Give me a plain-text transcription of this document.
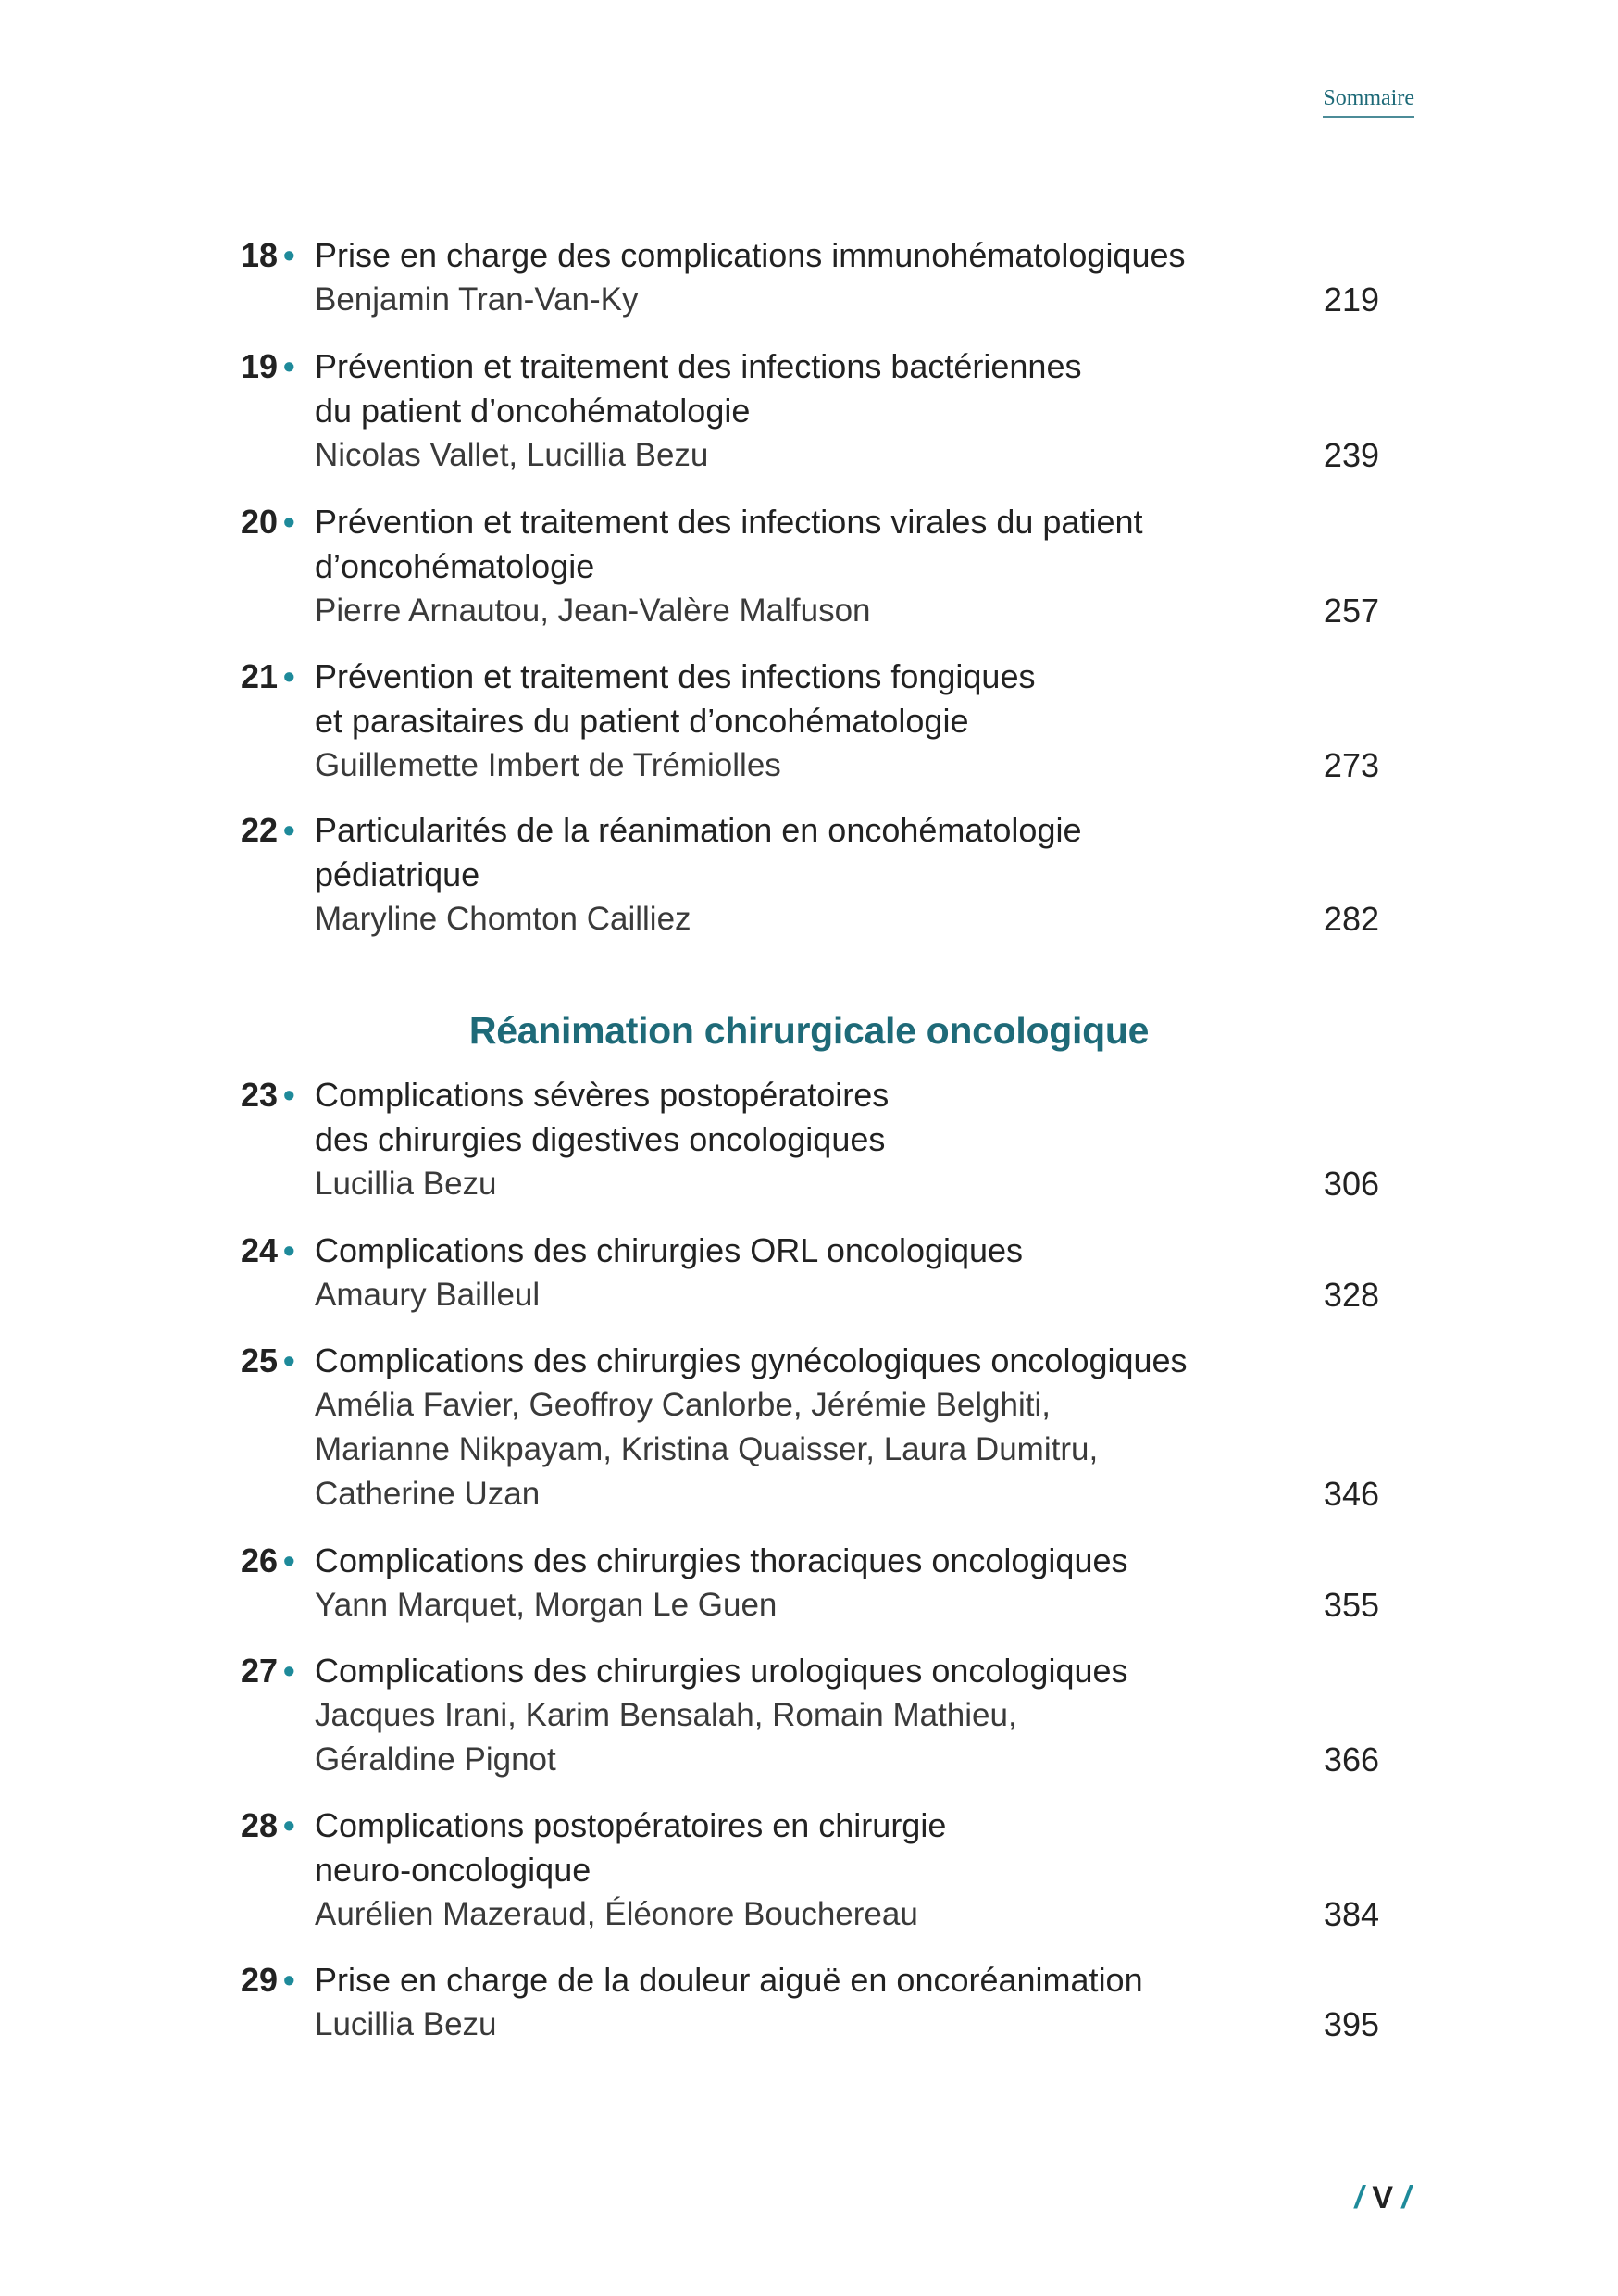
Sommaire
18 • Prise en charge des complications immunohématologiques
Benjamin Tran-Van-Ky	219
19 • Prévention et traitement des infections bactériennes
du patient d’oncohématologie
Nicolas Vallet, Lucillia Bezu	239
20 • Prévention et traitement des infections virales du patient
d’oncohématologie
Pierre Arnautou, Jean-Valère Malfuson	257
21 • Prévention et traitement des infections fongiques
et parasitaires du patient d’oncohématologie
Guillemette Imbert de Trémiolles	273
22 • Particularités de la réanimation en oncohématologie
pédiatrique
Maryline Chomton Cailliez	282
Réanimation chirurgicale oncologique
23 • Complications sévères postopératoires
des chirurgies digestives oncologiques
Lucillia Bezu	306
24 • Complications des chirurgies ORL oncologiques
Amaury Bailleul	328
25 • Complications des chirurgies gynécologiques oncologiques
Amélia Favier, Geoffroy Canlorbe, Jérémie Belghiti,
Marianne Nikpayam, Kristina Quaisser, Laura Dumitru,
Catherine Uzan	346
26 • Complications des chirurgies thoraciques oncologiques
Yann Marquet, Morgan Le Guen	355
27 • Complications des chirurgies urologiques oncologiques
Jacques Irani, Karim Bensalah, Romain Mathieu,
Géraldine Pignot	366
28 • Complications postopératoires en chirurgie
neuro-oncologique
Aurélien Mazeraud, Éléonore Bouchereau	384
29 • Prise en charge de la douleur aiguë en oncoréanimation
Lucillia Bezu	395
/ V /
